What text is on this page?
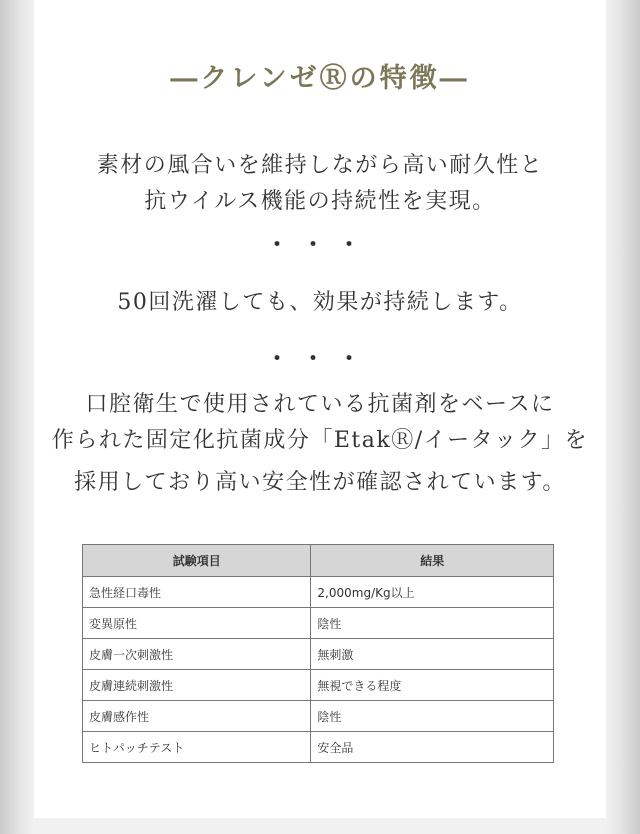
―クレンゼⓇの特徴―
素材の風合いを維持しながら高い耐久性と
抗ウイルス機能の持続性を実現。
・・・
50回洗濯しても、効果が持続します。
・・・
口腔衛生で使用されている抗菌剤をベースに
作られた固定化抗菌成分「EtakⓇ/イータック」を
採用しており高い安全性が確認されています。
試験項目	結果
急性経口毒性	2,000mg/Kg以上
変異原性	陰性
皮膚一次刺激性	無刺激
皮膚連続刺激性	無視できる程度
皮膚感作性	陰性
ヒトパッチテスト	安全品
